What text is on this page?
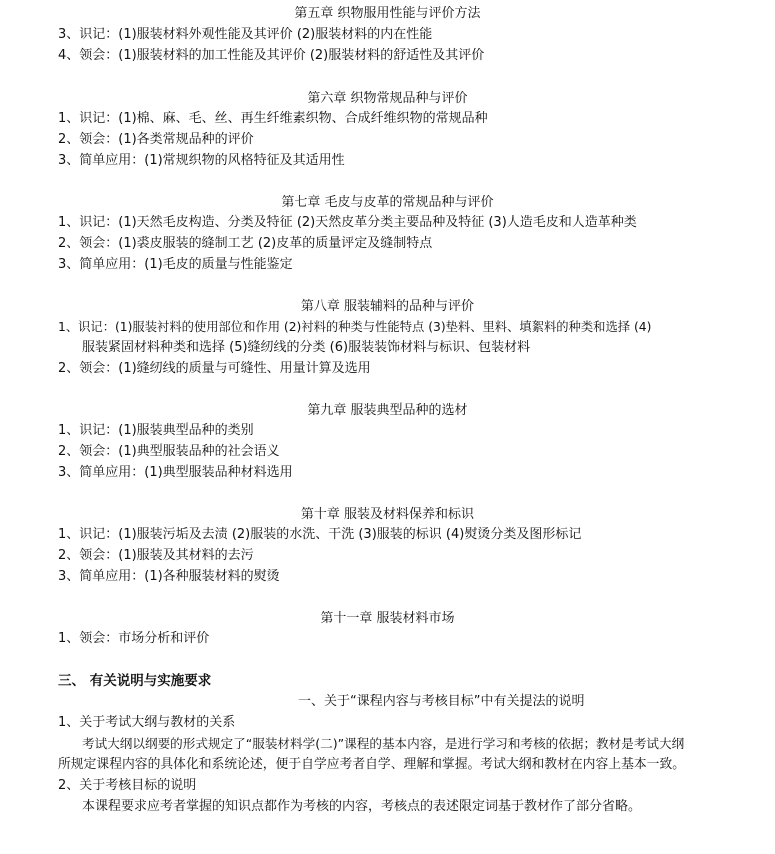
第五章 织物服用性能与评价方法
3、识记：(1)服装材料外观性能及其评价 (2)服装材料的内在性能
4、领会：(1)服装材料的加工性能及其评价 (2)服装材料的舒适性及其评价
第六章 织物常规品种与评价
1、识记：(1)棉、麻、毛、丝、再生纤维素织物、合成纤维织物的常规品种
2、领会：(1)各类常规品种的评价
3、简单应用：(1)常规织物的风格特征及其适用性
第七章 毛皮与皮革的常规品种与评价
1、识记：(1)天然毛皮构造、分类及特征 (2)天然皮革分类主要品种及特征 (3)人造毛皮和人造革种类
2、领会：(1)裘皮服装的缝制工艺 (2)皮革的质量评定及缝制特点
3、简单应用：(1)毛皮的质量与性能鉴定
第八章 服装辅料的品种与评价
1、识记：(1)服装衬料的使用部位和作用 (2)衬料的种类与性能特点 (3)垫料、里料、填絮料的种类和选择 (4)
服装紧固材料种类和选择 (5)缝纫线的分类 (6)服装装饰材料与标识、包装材料
2、领会：(1)缝纫线的质量与可缝性、用量计算及选用
第九章 服装典型品种的选材
1、识记：(1)服装典型品种的类别
2、领会：(1)典型服装品种的社会语义
3、简单应用：(1)典型服装品种材料选用
第十章 服装及材料保养和标识
1、识记：(1)服装污垢及去渍 (2)服装的水洗、干洗 (3)服装的标识 (4)熨烫分类及图形标记
2、领会：(1)服装及其材料的去污
3、简单应用：(1)各种服装材料的熨烫
第十一章 服装材料市场
1、领会：市场分析和评价
三、 有关说明与实施要求
一、关于“课程内容与考核目标”中有关提法的说明
1、关于考试大纲与教材的关系
考试大纲以纲要的形式规定了“服装材料学(二)”课程的基本内容，是进行学习和考核的依据；教材是考试大纲
所规定课程内容的具体化和系统论述，便于自学应考者自学、理解和掌握。考试大纲和教材在内容上基本一致。
2、关于考核目标的说明
本课程要求应考者掌握的知识点都作为考核的内容，考核点的表述限定词基于教材作了部分省略。
